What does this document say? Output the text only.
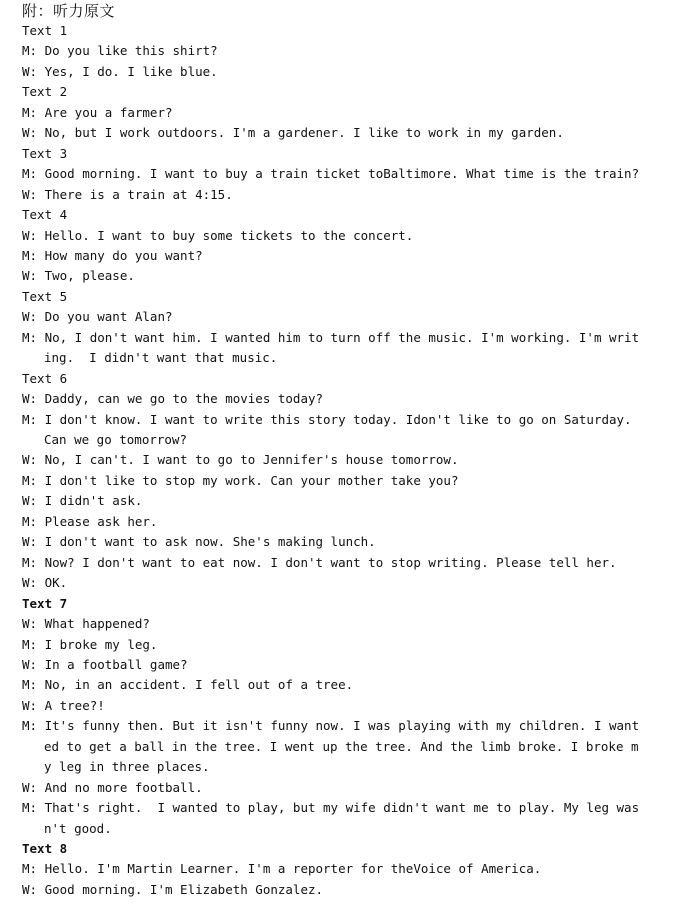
附：听力原文
Text 1
M: Do you like this shirt?
W: Yes, I do. I like blue.
Text 2
M: Are you a farmer?
W: No, but I work outdoors. I'm a gardener. I like to work in my garden.
Text 3
M: Good morning. I want to buy a train ticket toBaltimore. What time is the train?
W: There is a train at 4:15.
Text 4
W: Hello. I want to buy some tickets to the concert.
M: How many do you want?
W: Two, please.
Text 5
W: Do you want Alan?
M: No, I don't want him. I wanted him to turn off the music. I'm working. I'm writ
ing.  I didn't want that music.
Text 6
W: Daddy, can we go to the movies today?
M: I don't know. I want to write this story today. Idon't like to go on Saturday.
Can we go tomorrow?
W: No, I can't. I want to go to Jennifer's house tomorrow.
M: I don't like to stop my work. Can your mother take you?
W: I didn't ask.
M: Please ask her.
W: I don't want to ask now. She's making lunch.
M: Now? I don't want to eat now. I don't want to stop writing. Please tell her.
W: OK.
Text 7
W: What happened?
M: I broke my leg.
W: In a football game?
M: No, in an accident. I fell out of a tree.
W: A tree?!
M: It's funny then. But it isn't funny now. I was playing with my children. I want
ed to get a ball in the tree. I went up the tree. And the limb broke. I broke m
y leg in three places.
W: And no more football.
M: That's right.  I wanted to play, but my wife didn't want me to play. My leg was
n't good.
Text 8
M: Hello. I'm Martin Learner. I'm a reporter for theVoice of America.
W: Good morning. I'm Elizabeth Gonzalez.
